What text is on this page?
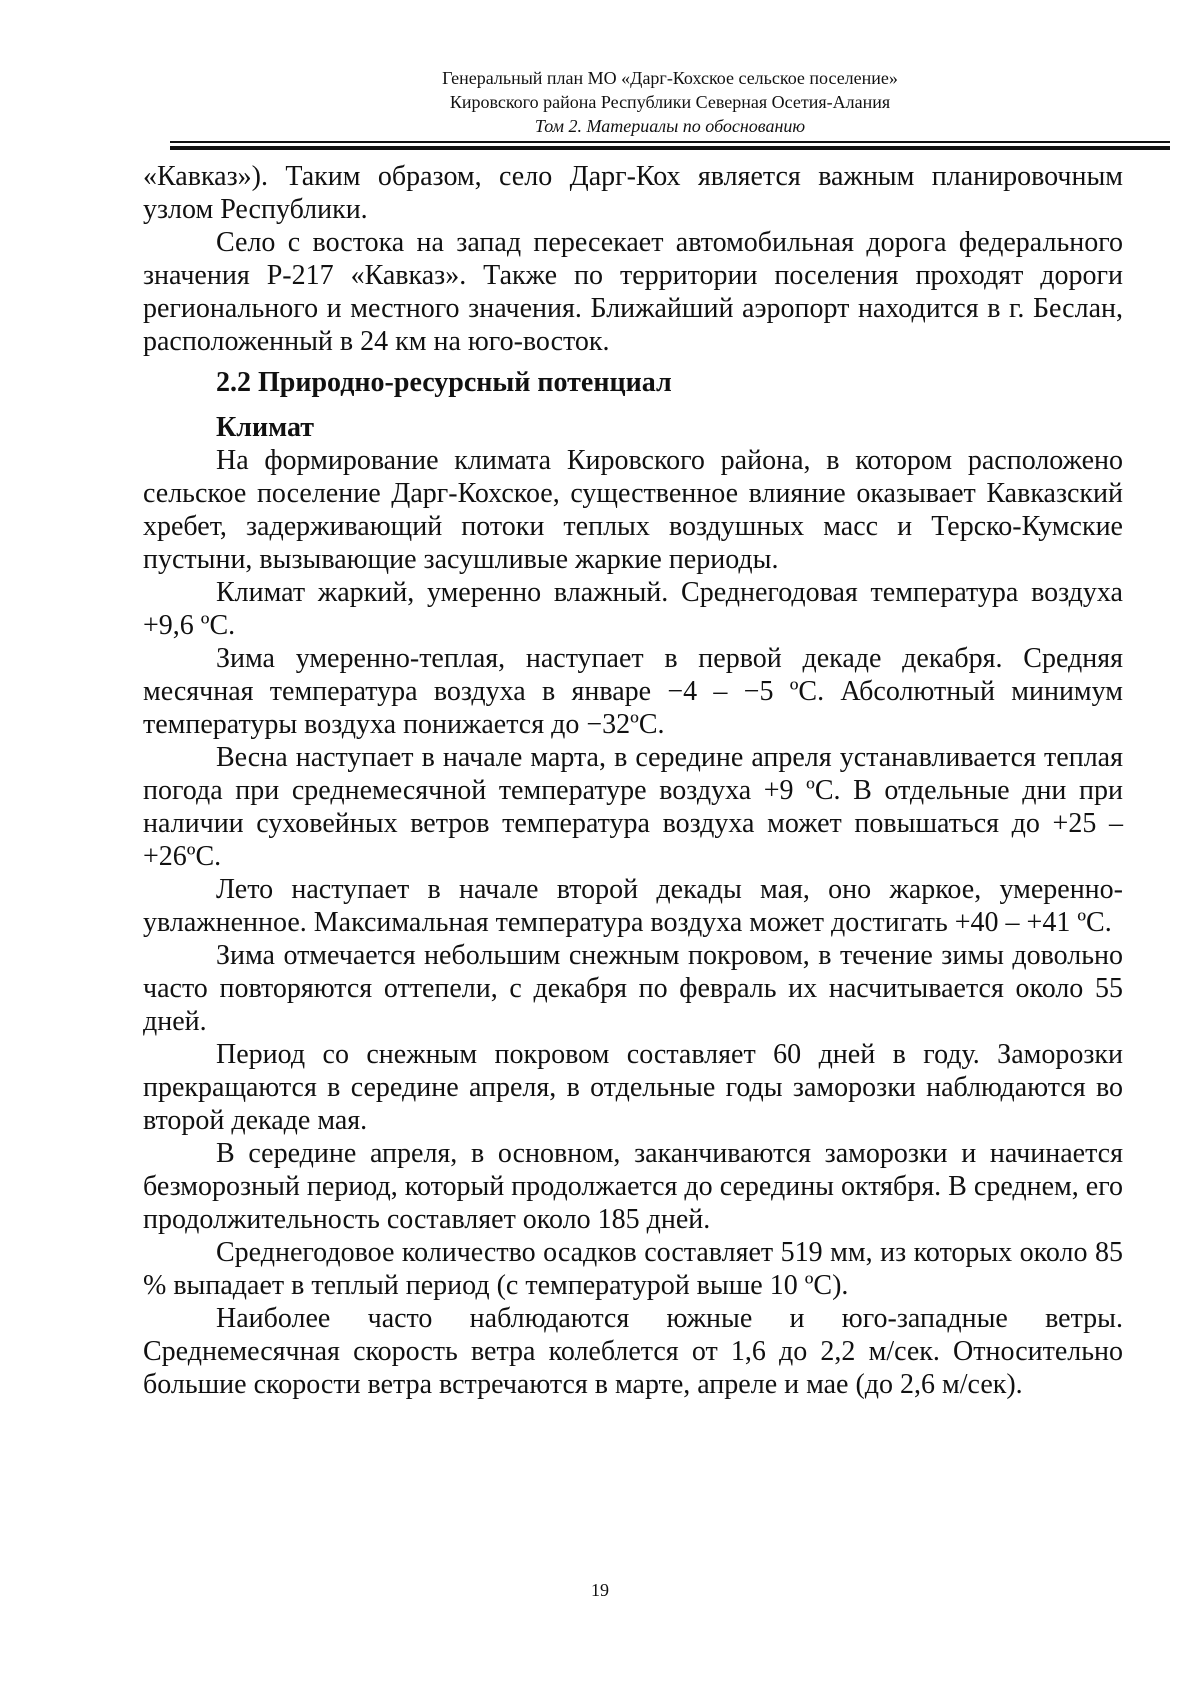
Генеральный план МО «Дарг-Кохское сельское поселение»
Кировского района Республики Северная Осетия-Алания
Том 2. Материалы по обоснованию

«Кавказ»). Таким образом, село Дарг-Кох является важным планировочным узлом Республики.

Село с востока на запад пересекает автомобильная дорога федерального значения Р-217 «Кавказ». Также по территории поселения проходят дороги регионального и местного значения. Ближайший аэропорт находится в г. Беслан, расположенный в 24 км на юго-восток.

2.2 Природно-ресурсный потенциал
Климат

На формирование климата Кировского района, в котором расположено сельское поселение Дарг-Кохское, существенное влияние оказывает Кавказский хребет, задерживающий потоки теплых воздушных масс и Терско-Кумские пустыни, вызывающие засушливые жаркие периоды.

Климат жаркий, умеренно влажный. Среднегодовая температура воздуха +9,6 ºС.

Зима умеренно-теплая, наступает в первой декаде декабря. Средняя месячная температура воздуха в январе −4 – −5 ºС. Абсолютный минимум температуры воздуха понижается до −32ºС.

Весна наступает в начале марта, в середине апреля устанавливается теплая погода при среднемесячной температуре воздуха +9 ºС. В отдельные дни при наличии суховейных ветров температура воздуха может повышаться до +25 – +26ºС.

Лето наступает в начале второй декады мая, оно жаркое, умеренно-увлажненное. Максимальная температура воздуха может достигать +40 – +41 ºС.

Зима отмечается небольшим снежным покровом, в течение зимы довольно часто повторяются оттепели, с декабря по февраль их насчитывается около 55 дней.

Период со снежным покровом составляет 60 дней в году. Заморозки прекращаются в середине апреля, в отдельные годы заморозки наблюдаются во второй декаде мая.

В середине апреля, в основном, заканчиваются заморозки и начинается безморозный период, который продолжается до середины октября. В среднем, его продолжительность составляет около 185 дней.

Среднегодовое количество осадков составляет 519 мм, из которых около 85 % выпадает в теплый период (с температурой выше 10 ºС).

Наиболее часто наблюдаются южные и юго-западные ветры. Среднемесячная скорость ветра колеблется от 1,6 до 2,2 м/сек. Относительно большие скорости ветра встречаются в марте, апреле и мае (до 2,6 м/сек).

19
